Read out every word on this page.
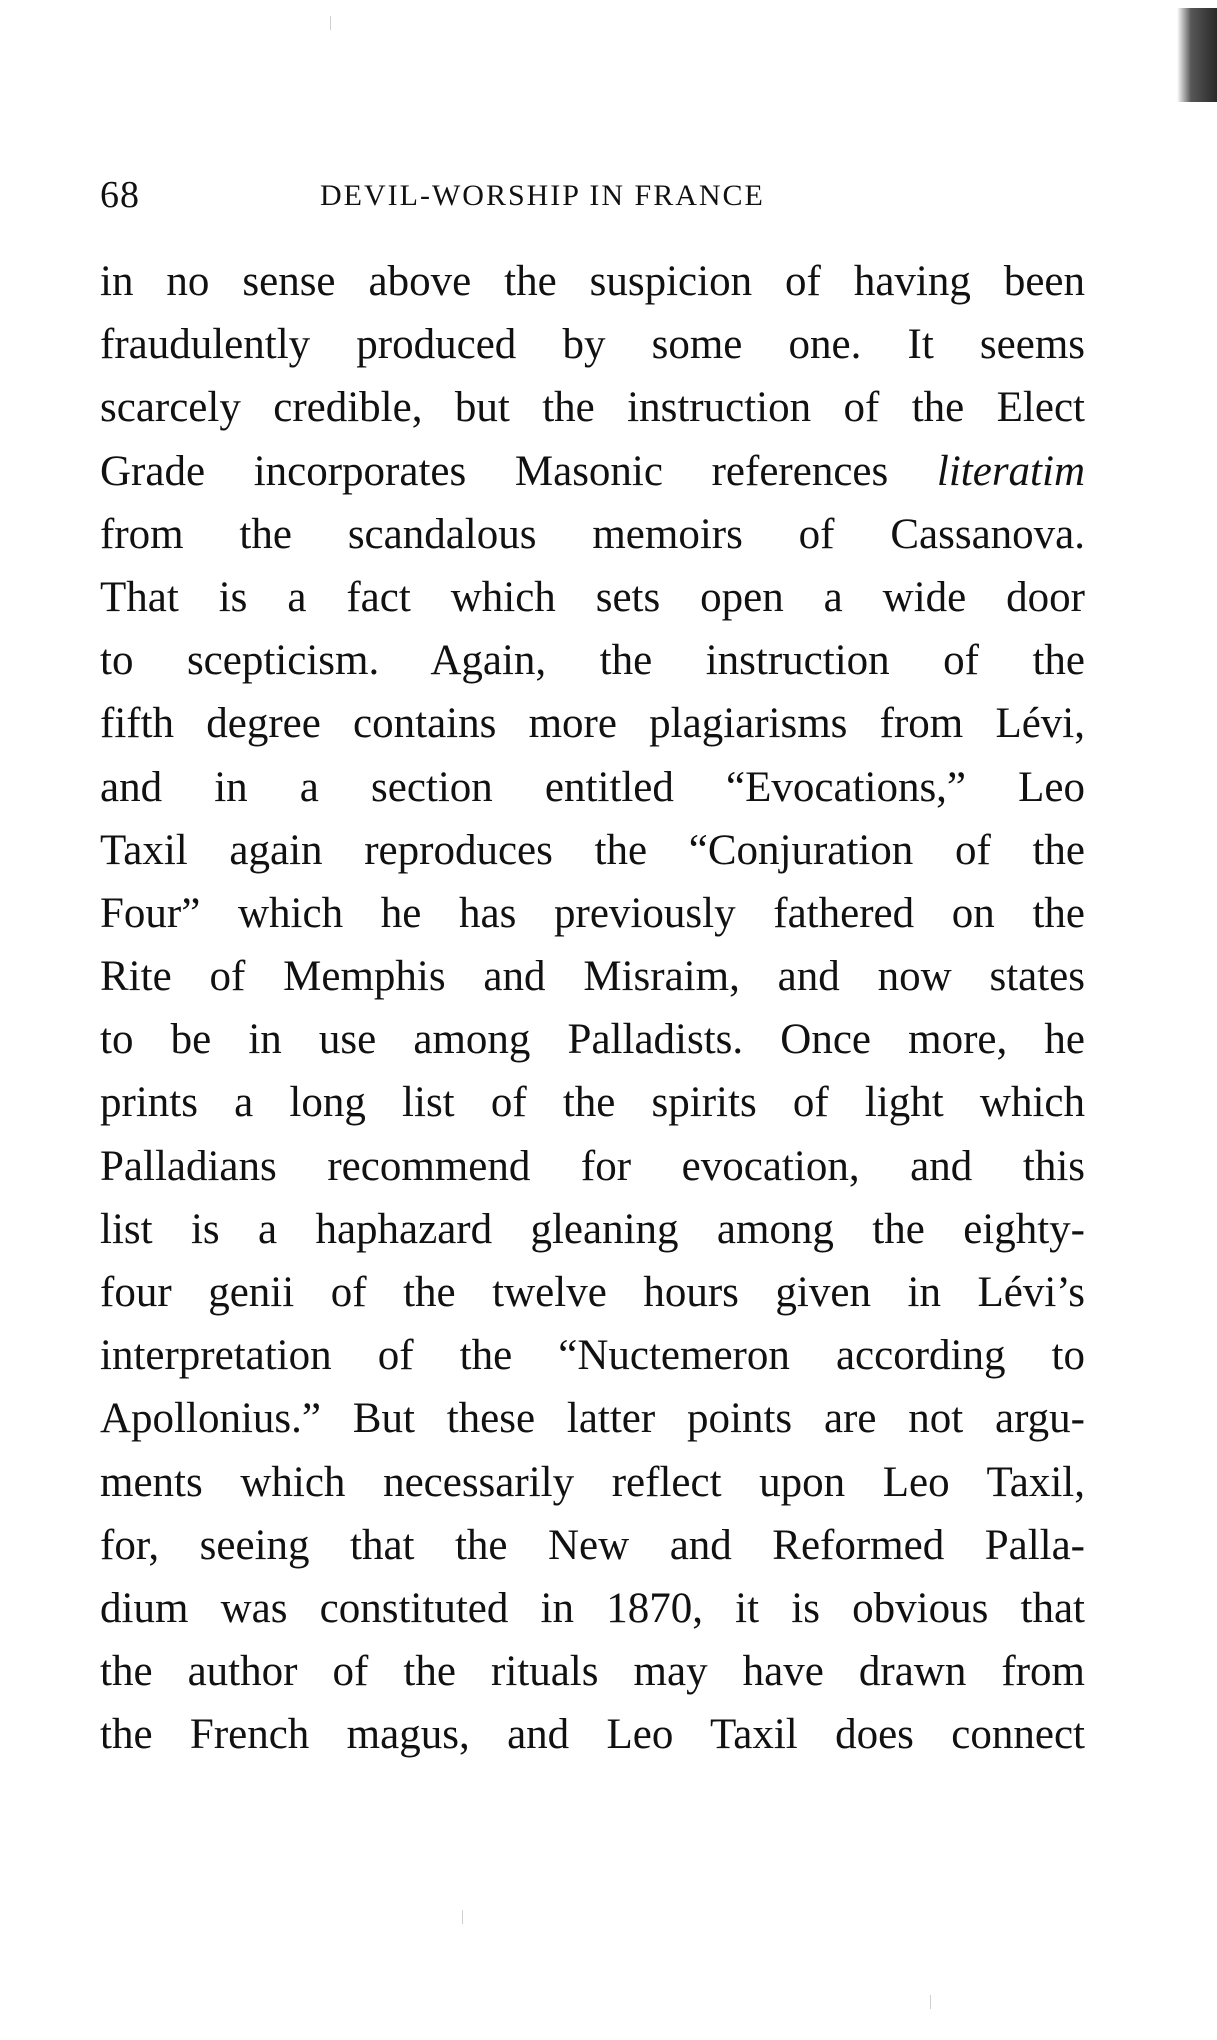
68	DEVIL-WORSHIP IN FRANCE
in no sense above the suspicion of having been
fraudulently produced by some one. It seems
scarcely credible, but the instruction of the Elect
Grade incorporates Masonic references literatim
from the scandalous memoirs of Cassanova.
That is a fact which sets open a wide door
to scepticism. Again, the instruction of the
fifth degree contains more plagiarisms from Lévi,
and in a section entitled “Evocations,” Leo
Taxil again reproduces the “Conjuration of the
Four” which he has previously fathered on the
Rite of Memphis and Misraim, and now states
to be in use among Palladists. Once more, he
prints a long list of the spirits of light which
Palladians recommend for evocation, and this
list is a haphazard gleaning among the eighty-
four genii of the twelve hours given in Lévi’s
interpretation of the “Nuctemeron according to
Apollonius.” But these latter points are not argu-
ments which necessarily reflect upon Leo Taxil,
for, seeing that the New and Reformed Palla-
dium was constituted in 1870, it is obvious that
the author of the rituals may have drawn from
the French magus, and Leo Taxil does connect
